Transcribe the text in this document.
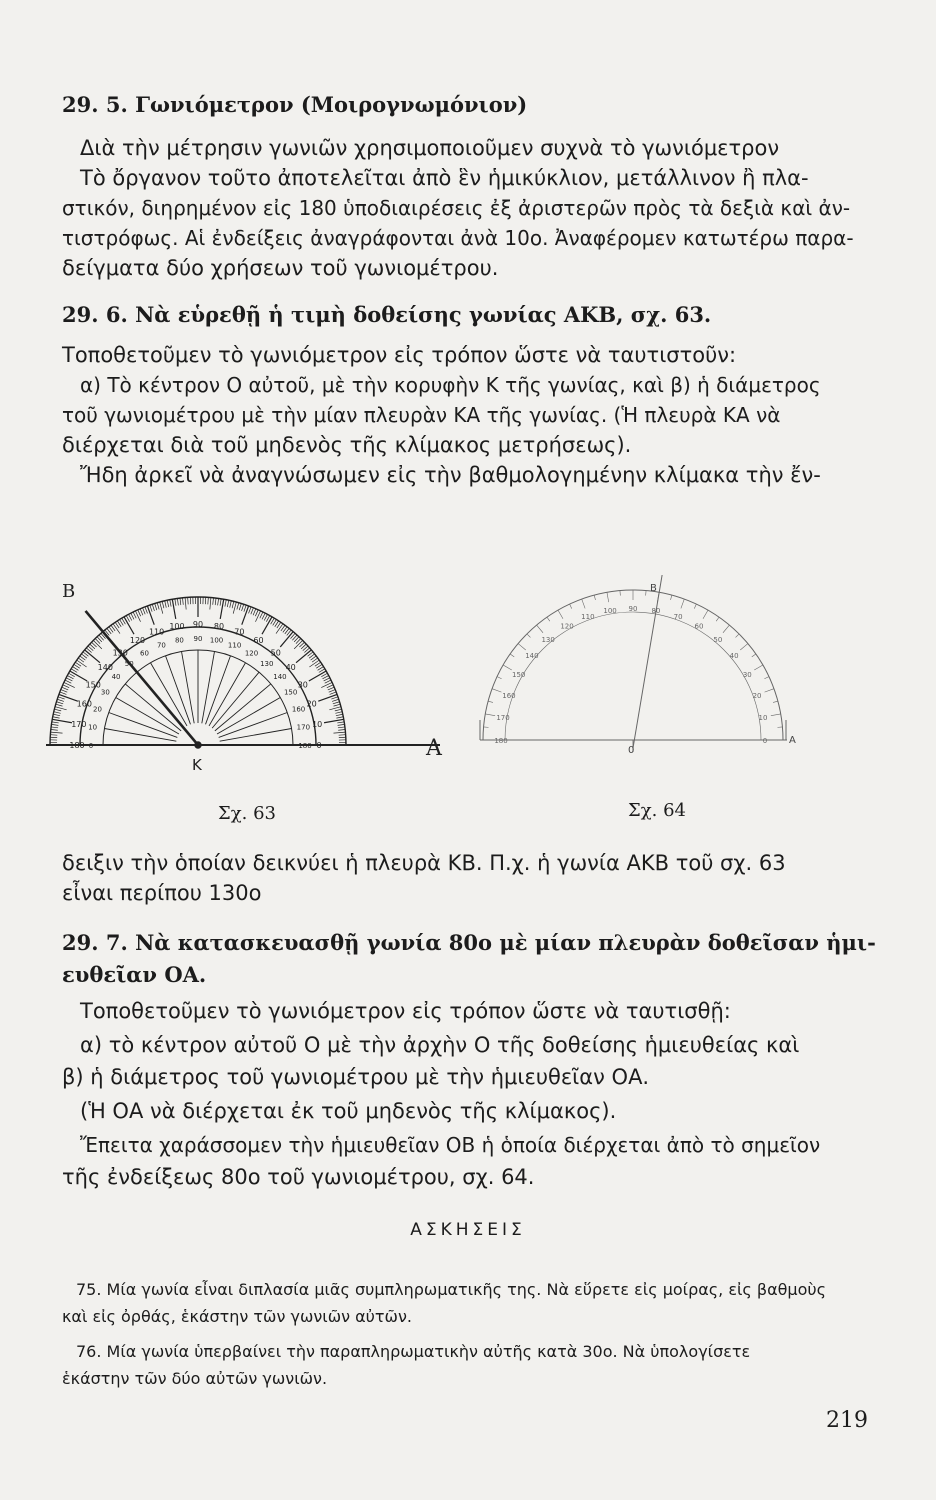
29. 5. Γωνιόμετρον (Μοιρογνωμόνιον)
Διὰ τὴν μέτρησιν γωνιῶν χρησιμοποιοῦμεν συχνὰ τὸ γωνιόμετρον
Τὸ ὄργανον τοῦτο ἀποτελεῖται ἀπὸ ἓν ἡμικύκλιον, μετάλλινον ἢ πλα-
στικόν, διηρημένον εἰς 180 ὑποδιαιρέσεις ἐξ ἀριστερῶν πρὸς τὰ δεξιὰ καὶ ἀν-
τιστρόφως. Αἱ ἐνδείξεις ἀναγράφονται ἀνὰ 10ο. Ἀναφέρομεν κατωτέρω παρα-
δείγματα δύο χρήσεων τοῦ γωνιομέτρου.
29. 6. Νὰ εὑρεθῇ ἡ τιμὴ δοθείσης γωνίας ΑΚΒ, σχ. 63.
Τοποθετοῦμεν τὸ γωνιόμετρον εἰς τρόπον ὥστε νὰ ταυτιστοῦν:
α) Τὸ κέντρον Ο αὐτοῦ, μὲ τὴν κορυφὴν Κ τῆς γωνίας, καὶ β) ἡ διάμετρος
τοῦ γωνιομέτρου μὲ τὴν μίαν πλευρὰν ΚΑ τῆς γωνίας. (Ἡ πλευρὰ ΚΑ νὰ
διέρχεται διὰ τοῦ μηδενὸς τῆς κλίμακος μετρήσεως).
Ἤδη ἀρκεῖ νὰ ἀναγνώσωμεν εἰς τὴν βαθμολογημένην κλίμακα τὴν ἔν-
0
10
20
30
40
50
60
70
80
90
100
110
120
130
140
150
160
170
180	180
170
160
150
140
130
120
110
100
90
80
70
60
50
40
30
20
10
0
Β
Κ
Α
Σχ. 63
0
10
20
30
40
50
60
70
80
90
100
110
120
130
140
150
160
170
180
Β
Α
0
Σχ. 64
δειξιν τὴν ὁποίαν δεικνύει ἡ πλευρὰ ΚΒ. Π.χ. ἡ γωνία ΑΚΒ τοῦ σχ. 63
εἶναι περίπου 130ο
29. 7. Νὰ κατασκευασθῇ γωνία 80ο μὲ μίαν πλευρὰν δοθεῖσαν ἡμι-
ευθεῖαν ΟΑ.
Τοποθετοῦμεν τὸ γωνιόμετρον εἰς τρόπον ὥστε νὰ ταυτισθῇ:
α) τὸ κέντρον αὐτοῦ Ο μὲ τὴν ἀρχὴν Ο τῆς δοθείσης ἡμιευθείας καὶ
β) ἡ διάμετρος τοῦ γωνιομέτρου μὲ τὴν ἡμιευθεῖαν ΟΑ.
(Ἡ ΟΑ νὰ διέρχεται ἐκ τοῦ μηδενὸς τῆς κλίμακος).
Ἔπειτα χαράσσομεν τὴν ἡμιευθεῖαν ΟΒ ἡ ὁποία διέρχεται ἀπὸ τὸ σημεῖον
τῆς ἐνδείξεως 80ο τοῦ γωνιομέτρου, σχ. 64.
ΑΣΚΗΣΕΙΣ
75. Μία γωνία εἶναι διπλασία μιᾶς συμπληρωματικῆς της. Νὰ εὕρετε εἰς μοίρας, εἰς βαθμοὺς
καὶ εἰς ὀρθάς, ἑκάστην τῶν γωνιῶν αὐτῶν.
76. Μία γωνία ὑπερβαίνει τὴν παραπληρωματικὴν αὐτῆς κατὰ 30ο. Νὰ ὑπολογίσετε
ἑκάστην τῶν δύο αὐτῶν γωνιῶν.
219
